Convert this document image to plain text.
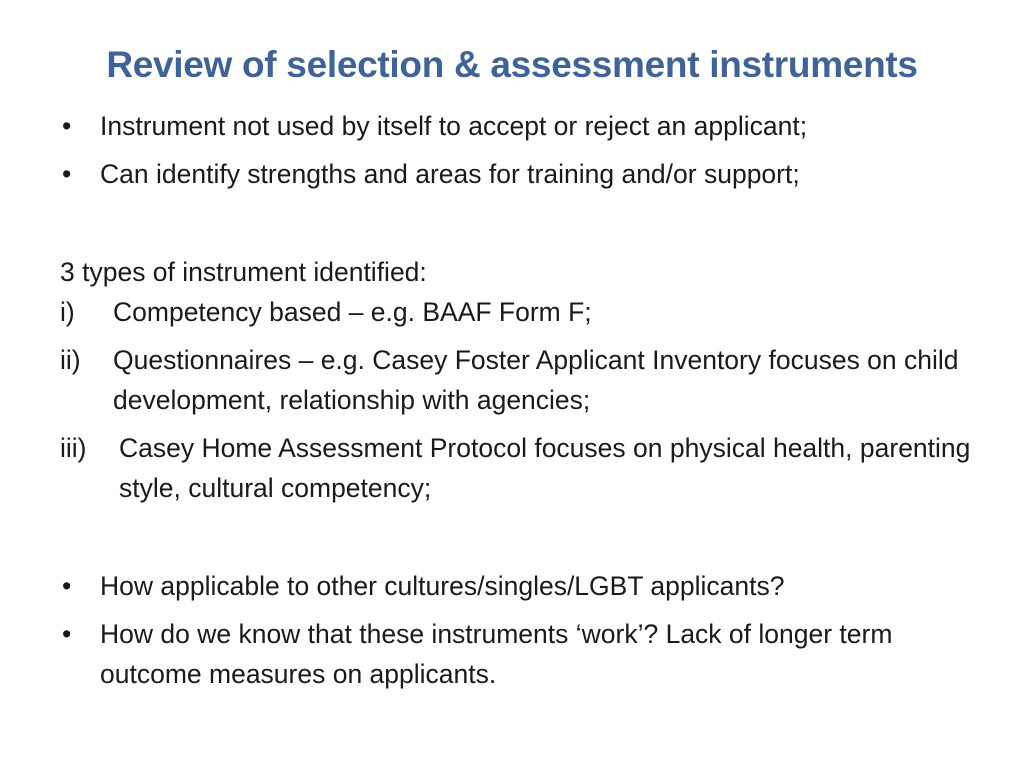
Review of selection & assessment instruments
• Instrument not used by itself to accept or reject an applicant;
• Can identify strengths and areas for training and/or support;

3 types of instrument identified:

i) Competency based – e.g. BAAF Form F;
ii) Questionnaires – e.g. Casey Foster Applicant Inventory focuses on child development, relationship with agencies;
iii) Casey Home Assessment Protocol focuses on physical health, parenting style, cultural competency;
• How applicable to other cultures/singles/LGBT applicants?
• How do we know that these instruments ‘work’? Lack of longer term outcome measures on applicants.
